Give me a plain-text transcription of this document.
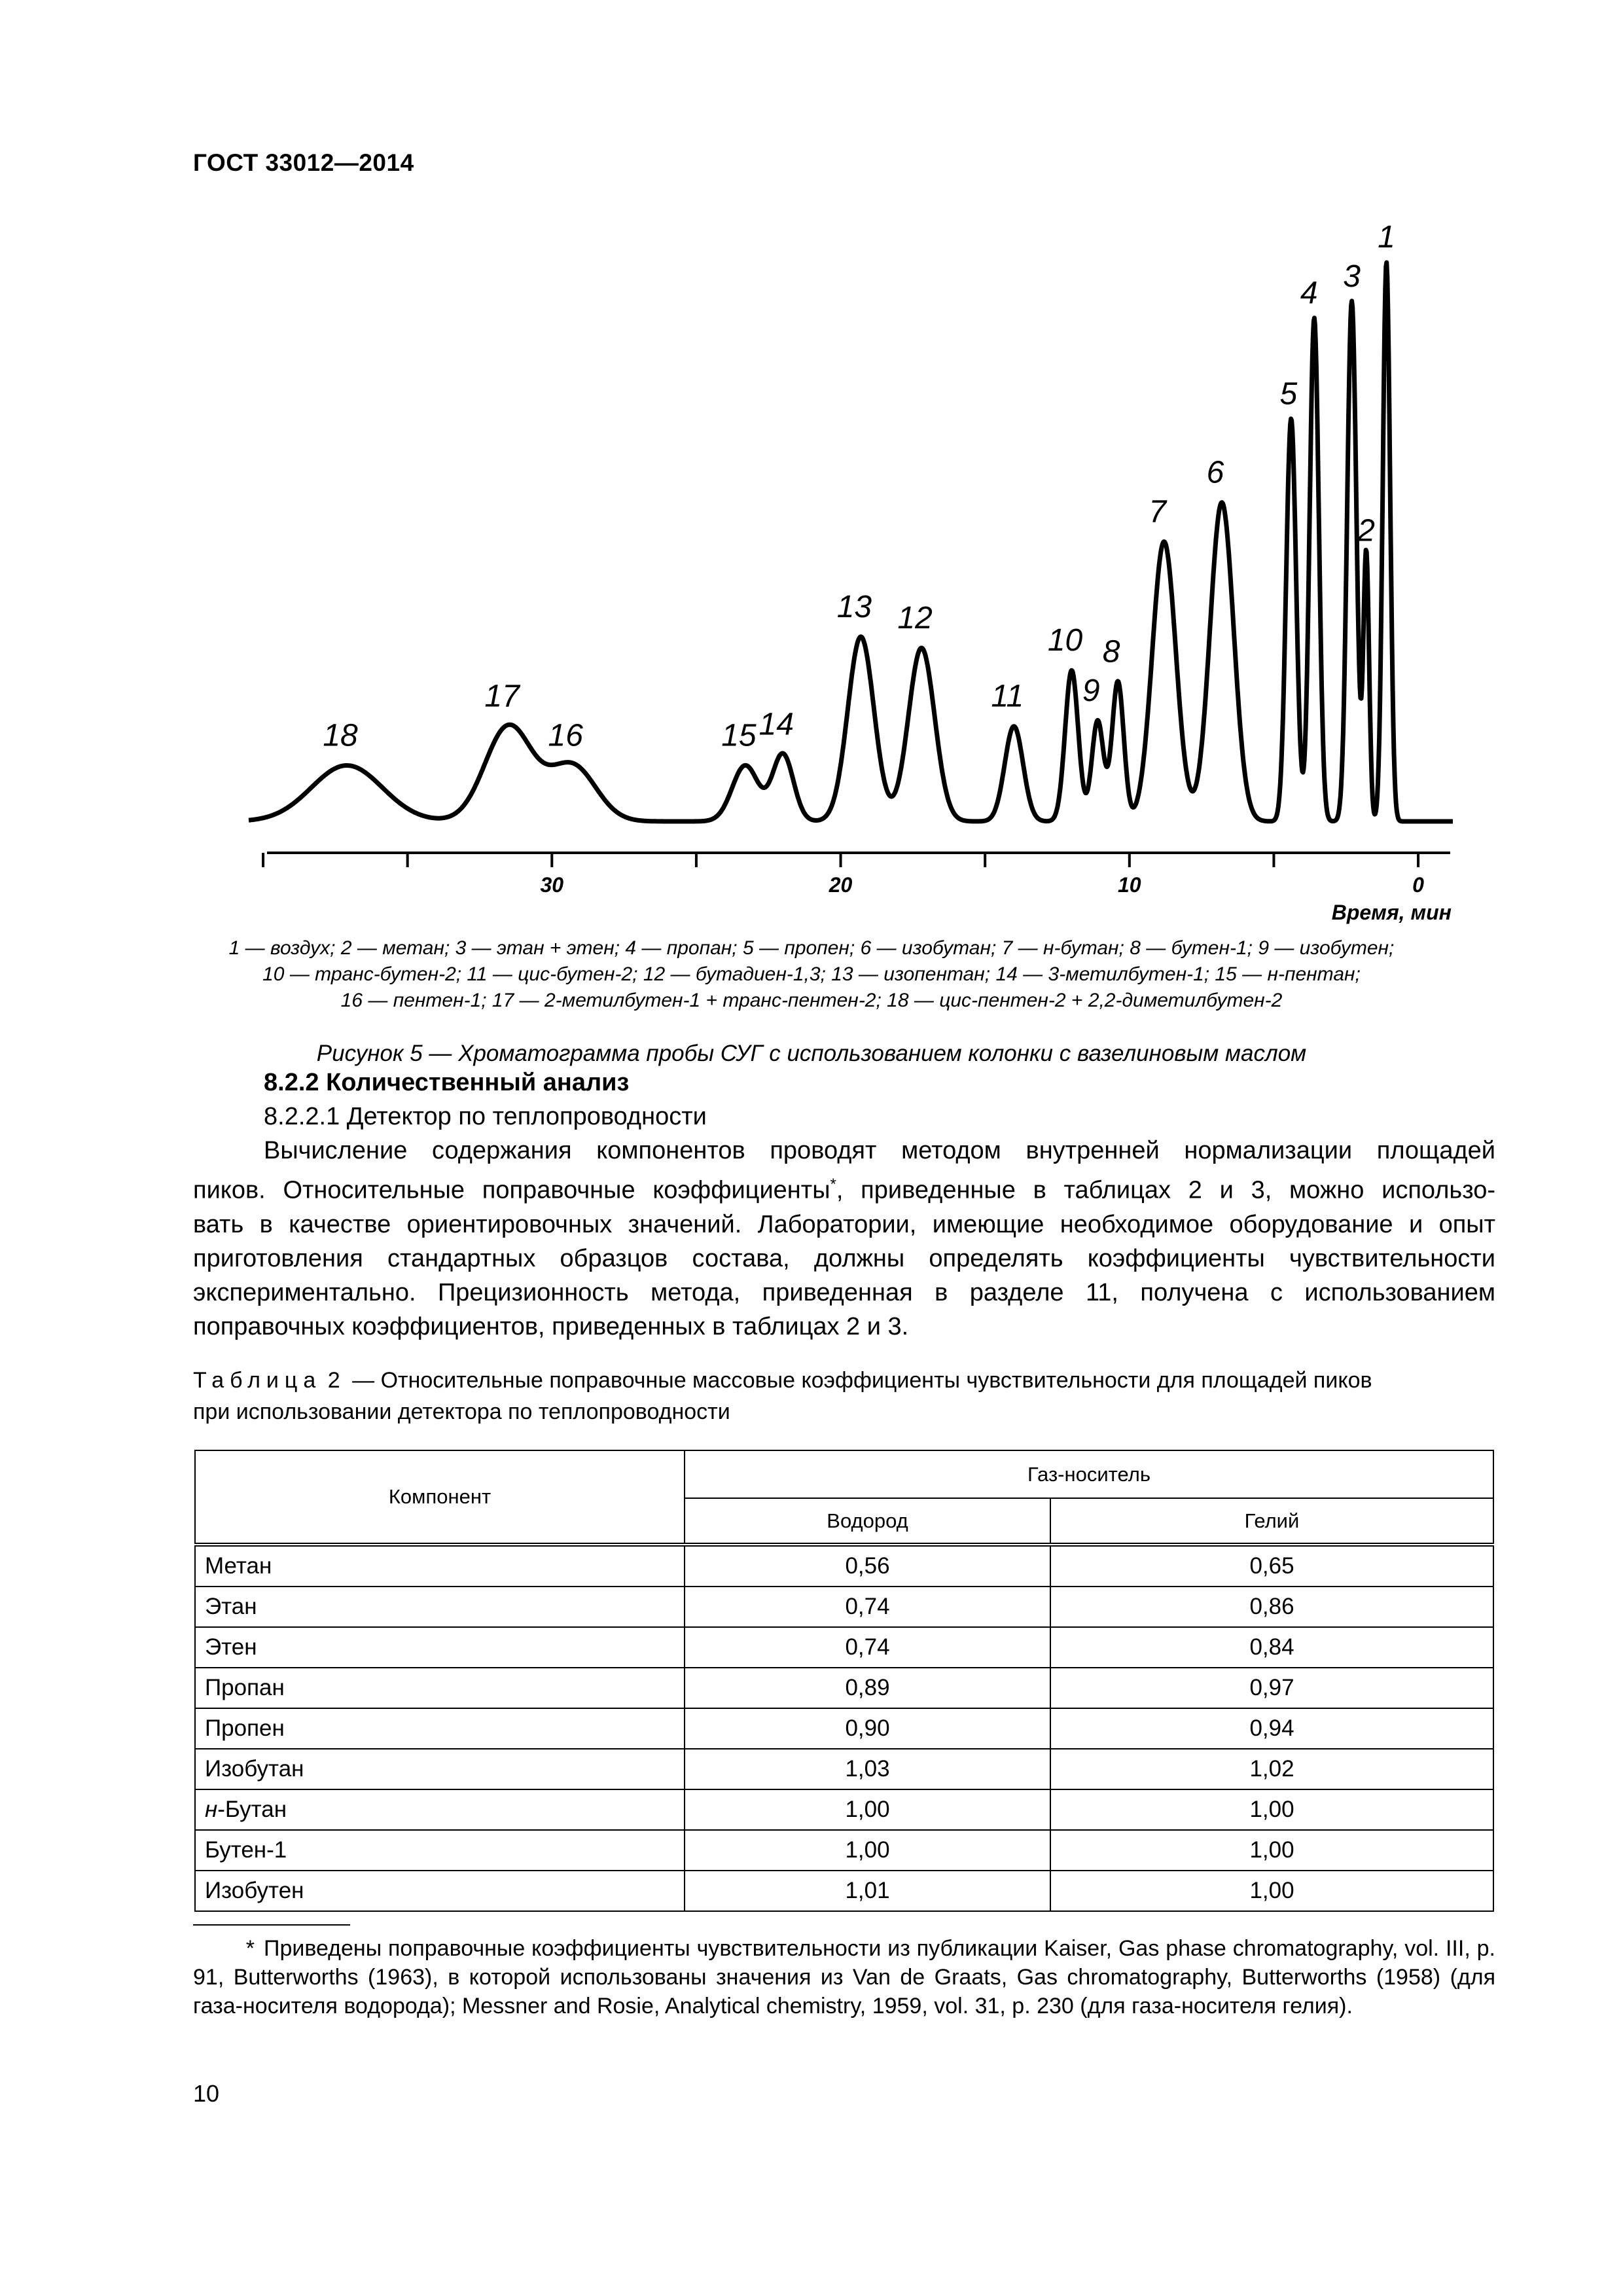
ГОСТ 33012—2014
30	20	10	0
Время, мин
1
2
3
4
5
6
7
8
9
10
11
12
13
14
15
16
17
18
1 — воздух; 2 — метан; 3 — этан + этен; 4 — пропан; 5 — пропен; 6 — изобутан; 7 — н-бутан; 8 — бутен-1; 9 — изобутен;
10 — транс-бутен-2; 11 — цис-бутен-2; 12 — бутадиен-1,3; 13 — изопентан; 14 — 3-метилбутен-1; 15 — н-пентан;
16 — пентен-1; 17 — 2-метилбутен-1 + транс-пентен-2; 18 — цис-пентен-2 + 2,2-диметилбутен-2
Рисунок 5 — Хроматограмма пробы СУГ с использованием колонки с вазелиновым маслом
8.2.2 Количественный анализ
8.2.2.1 Детектор по теплопроводности
Вычисление содержания компонентов проводят методом внутренней нормализации площадей
пиков. Относительные поправочные коэффициенты*, приведенные в таблицах 2 и 3, можно использо-
вать в качестве ориентировочных значений. Лаборатории, имеющие необходимое оборудование и опыт
приготовления стандартных образцов состава, должны определять коэффициенты чувствительности
экспериментально. Прецизионность метода, приведенная в разделе 11, получена с использованием
поправочных коэффициентов, приведенных в таблицах 2 и 3.
Таблица 2 — Относительные поправочные массовые коэффициенты чувствительности для площадей пиков
при использовании детектора по теплопроводности
Компонент	Газ-носитель	
	Водород	Гелий
Метан	0,56	0,65
Этан	0,74	0,86
Этен	0,74	0,84
Пропан	0,89	0,97
Пропен	0,90	0,94
Изобутан	1,03	1,02
н-Бутан	1,00	1,00
Бутен-1	1,00	1,00
Изобутен	1,01	1,00
* Приведены поправочные коэффициенты чувствительности из публикации Kaiser, Gas phase chromatography, vol. III, p. 91, Butterworths (1963), в которой использованы значения из Van de Graats, Gas chromatography, Butterworths (1958) (для газа-носителя водорода); Messner and Rosie, Analytical chemistry, 1959, vol. 31, p. 230 (для газа-носителя гелия).
10
